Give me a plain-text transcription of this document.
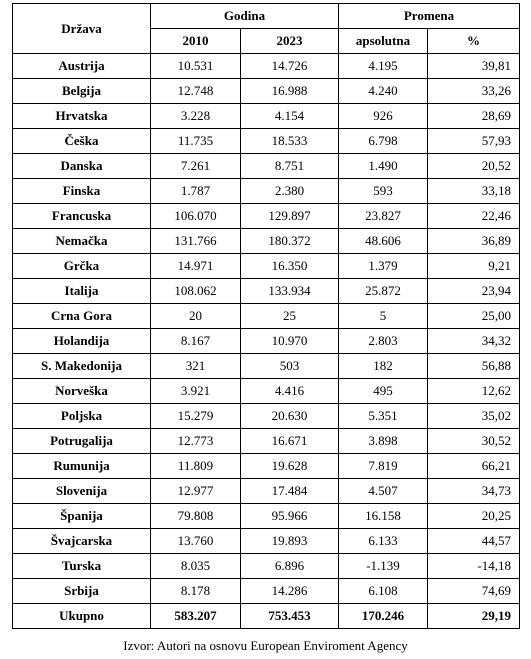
Država	Godina		Promena	
	2010	2023	apsolutna	%
Austrija	10.531	14.726	4.195	39,81
Belgija	12.748	16.988	4.240	33,26
Hrvatska	3.228	4.154	926	28,69
Češka	11.735	18.533	6.798	57,93
Danska	7.261	8.751	1.490	20,52
Finska	1.787	2.380	593	33,18
Francuska	106.070	129.897	23.827	22,46
Nemačka	131.766	180.372	48.606	36,89
Grčka	14.971	16.350	1.379	9,21
Italija	108.062	133.934	25.872	23,94
Crna Gora	20	25	5	25,00
Holandija	8.167	10.970	2.803	34,32
S. Makedonija	321	503	182	56,88
Norveška	3.921	4.416	495	12,62
Poljska	15.279	20.630	5.351	35,02
Potrugalija	12.773	16.671	3.898	30,52
Rumunija	11.809	19.628	7.819	66,21
Slovenija	12.977	17.484	4.507	34,73
Španija	79.808	95.966	16.158	20,25
Švajcarska	13.760	19.893	6.133	44,57
Turska	8.035	6.896	-1.139	-14,18
Srbija	8.178	14.286	6.108	74,69
Ukupno	583.207	753.453	170.246	29,19
Izvor: Autori na osnovu European Enviroment Agency
